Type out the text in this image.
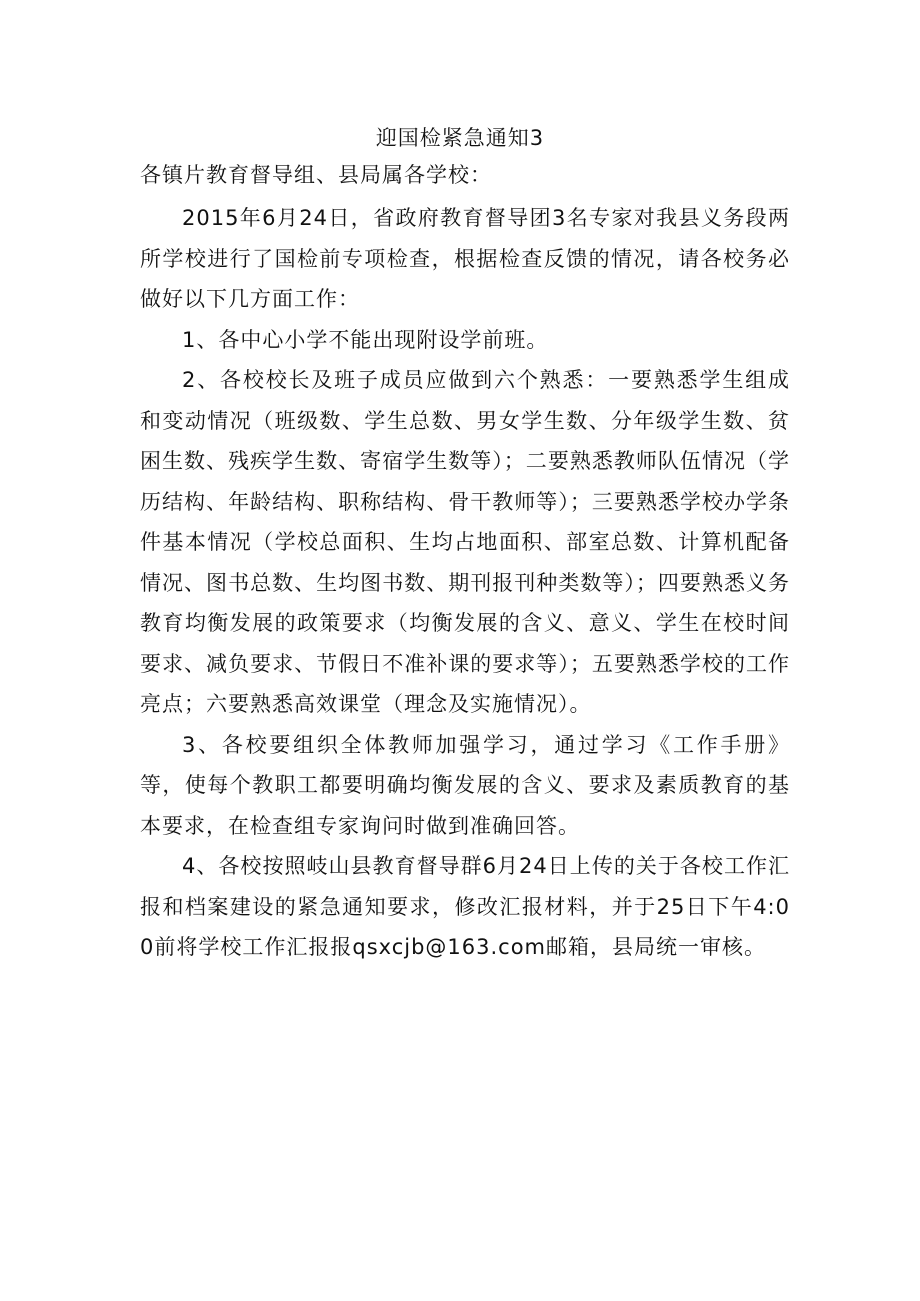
迎国检紧急通知3
各镇片教育督导组、县局属各学校：

2015年6月24日，省政府教育督导团3名专家对我县义务段两所学校进行了国检前专项检查，根据检查反馈的情况，请各校务必做好以下几方面工作：

1、各中心小学不能出现附设学前班。

2、各校校长及班子成员应做到六个熟悉：一要熟悉学生组成和变动情况（班级数、学生总数、男女学生数、分年级学生数、贫困生数、残疾学生数、寄宿学生数等）；二要熟悉教师队伍情况（学历结构、年龄结构、职称结构、骨干教师等）；三要熟悉学校办学条件基本情况（学校总面积、生均占地面积、部室总数、计算机配备情况、图书总数、生均图书数、期刊报刊种类数等）；四要熟悉义务教育均衡发展的政策要求（均衡发展的含义、意义、学生在校时间要求、减负要求、节假日不准补课的要求等）；五要熟悉学校的工作亮点；六要熟悉高效课堂（理念及实施情况）。

3、各校要组织全体教师加强学习，通过学习《工作手册》等，使每个教职工都要明确均衡发展的含义、要求及素质教育的基本要求，在检查组专家询问时做到准确回答。

4、各校按照岐山县教育督导群6月24日上传的关于各校工作汇报和档案建设的紧急通知要求，修改汇报材料，并于25日下午4:00前将学校工作汇报报qsxcjb@163.com邮箱，县局统一审核。
